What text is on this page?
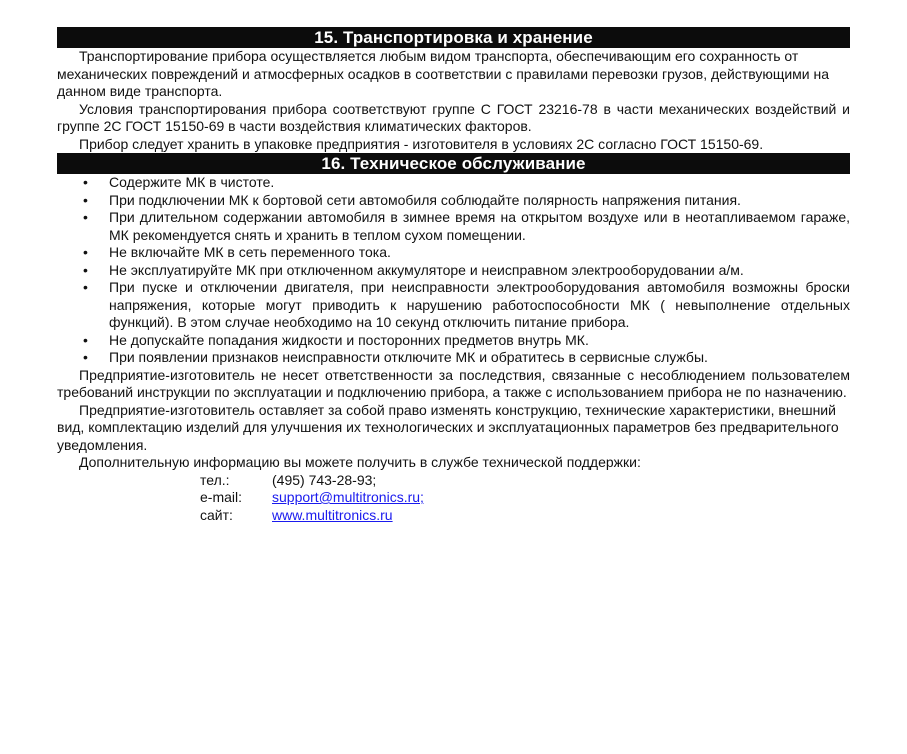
15. Транспортировка и хранение

Транспортирование прибора осуществляется любым видом транспорта, обеспечивающим его сохранность от механических повреждений и атмосферных осадков в соответствии с правилами перевозки грузов, действующими на данном виде транспорта.

Условия транспортирования прибора соответствуют группе С ГОСТ 23216-78 в части механических воздействий и группе 2С ГОСТ 15150-69 в части воздействия климатических факторов.

Прибор следует хранить в упаковке предприятия - изготовителя в условиях 2С согласно ГОСТ 15150-69.

16. Техническое обслуживание
• Содержите МК в чистоте.
• При подключении МК к бортовой сети автомобиля соблюдайте полярность напряжения питания.
• При длительном содержании автомобиля в зимнее время на открытом воздухе или в неотапливаемом гараже, МК рекомендуется снять и хранить в теплом сухом помещении.
• Не включайте МК в сеть переменного тока.
• Не эксплуатируйте МК при отключенном аккумуляторе и неисправном электрооборудовании а/м.
• При пуске и отключении двигателя, при неисправности электрооборудования автомобиля возможны броски напряжения, которые могут приводить к нарушению работоспособности МК ( невыполнение отдельных функций). В этом случае необходимо на 10 секунд отключить питание прибора.
• Не допускайте попадания жидкости и посторонних предметов внутрь МК.
• При появлении признаков неисправности отключите МК и обратитесь в сервисные службы.

Предприятие-изготовитель не несет ответственности за последствия, связанные с несоблюдением пользователем требований инструкции по эксплуатации и подключению прибора, а также с использованием прибора не по назначению.

Предприятие-изготовитель оставляет за собой право изменять конструкцию, технические характеристики, внешний вид, комплектацию изделий для улучшения их технологических и эксплуатационных параметров без предварительного уведомления.

Дополнительную информацию вы можете получить в службе технической поддержки:

тел.:	(495) 743-28-93;
e-mail:	support@multitronics.ru;
сайт:	www.multitronics.ru
